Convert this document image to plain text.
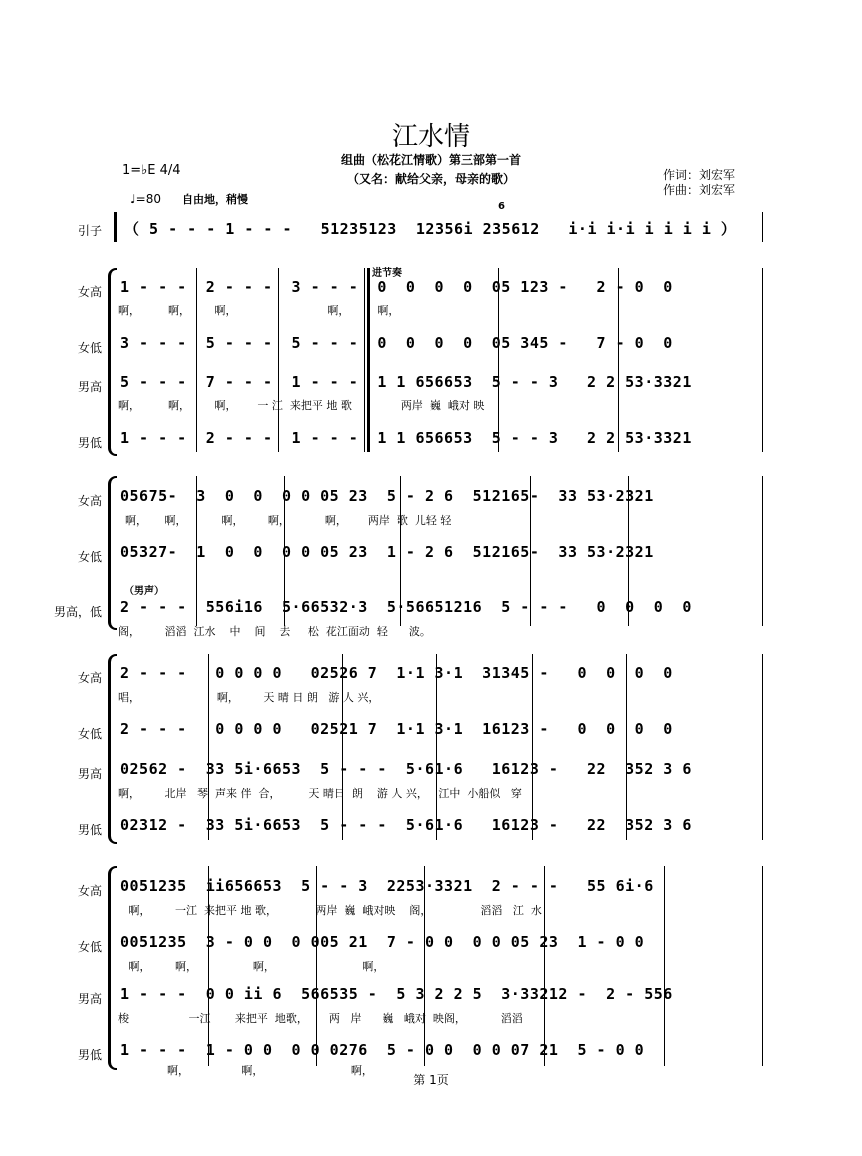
江水情
组曲（松花江情歌）第三部第一首
（又名：献给父亲，母亲的歌）	作词：刘宏军
作曲：刘宏军
1=♭E 4/4
♩=80 自由地，稍慢
引子 （ 5 - - - 1 - - -   51235123  12356i 235612   i·i i·i i i i i ）
6
进节奏
女高 1 - - -  2 - - -  3 - - -  0  0  0  0  05 123 -   2 - 0  0
啊，        啊，       啊，                          啊，        啊，
女低 3 - - -  5 - - -  5 - - -  0  0  0  0  05 345 -   7 - 0  0
男高 5 - - -  7 - - -  1 - - -  1 1 656653  5 - - 3   2 2 53·3321
啊，        啊，       啊，      一 江  来把平 地 歌              两岸  巍  峨对 映
男低 1 - - -  2 - - -  1 - - -  1 1 656653  5 - - 3   2 2 53·3321
女高 05675-  3  0  0  0 0 05 23  5 - 2 6  512165-  33 53·2321
啊，     啊，          啊，       啊，          啊，      两岸  歌  儿轻 轻
女低 05327-  1  0  0  0 0 05 23  1 - 2 6  512165-  33 53·2321
（男声）
男高，低 2 - - -  556i16  5·66532·3  5·56651216  5 - - -   0  0  0  0
阁，       滔滔  江水    中    间    去     松  花江面动  轻      波。
女高 2 - - -   0 0 0 0   02526 7  1·1 3·1  31345 -   0  0  0  0
唱，                      啊，       天 晴 日 朗   游 人 兴，
女低 2 - - -   0 0 0 0   02521 7  1·1 3·1  16123 -   0  0  0  0
男高 02562 -  33 5i·6653  5 - - -  5·61·6   16123 -   22  352 3 6
啊，       北岸   琴  声来 伴  合，        天 晴日  朗    游 人 兴，   江中  小船似   穿
男低 02312 -  33 5i·6653  5 - - -  5·61·6   16123 -   22  352 3 6
女高 0051235  ii656653  5 - - 3  2253·3321  2 - - -   55 6i·6
啊，       一江  来把平 地 歌，           两岸  巍  峨对映    阁，              滔滔   江  水
女低 0051235  3 - 0 0  0 005 21  7 - 0 0  0 0 05 23  1 - 0 0
啊，       啊，                啊，                         啊，
男高 1 - - -  0 0 ii 6  566535 -  5 3 2 2 5  3·33212 -  2 - 556
梭                 一江       来把平  地歌，      两   岸      巍   峨对  映阁，          滔滔
男低 1 - - -  1 - 0 0  0 0 0276  5 - 0 0  0 0 07 21  5 - 0 0
啊，               啊，                         啊，
第 1页
